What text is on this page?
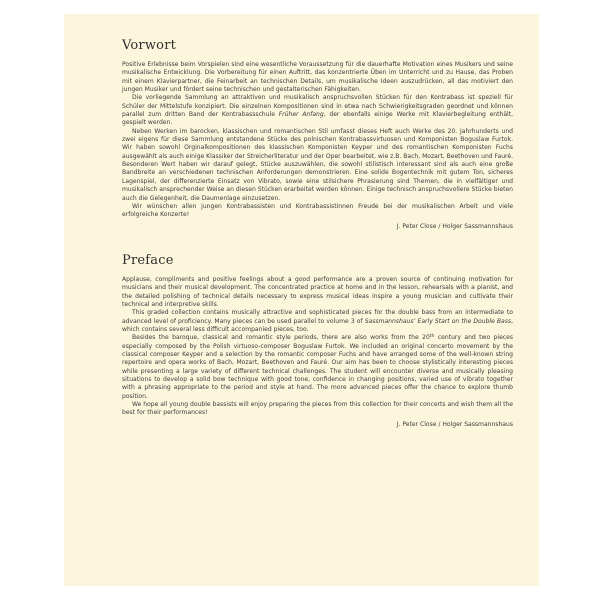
Vorwort

Positive Erlebnisse beim Vorspielen sind eine wesentliche Voraussetzung für die dauerhafte Motivation eines Musikers und seine musikalische Entwicklung. Die Vorbereitung für einen Auftritt, das konzentrierte Üben im Unterricht und zu Hause, das Proben mit einem Klavierpartner, die Feinarbeit an technischen Details, um musikalische Ideen auszudrücken, all das motiviert den jungen Musiker und fördert seine technischen und gestalterischen Fähigkeiten.

Die vorliegende Sammlung an attraktiven und musikalisch anspruchsvollen Stücken für den Kontrabass ist speziell für Schüler der Mittelstufe konzipiert. Die einzelnen Kompositionen sind in etwa nach Schwierigkeitsgraden geordnet und können parallel zum dritten Band der Kontrabassschule Früher Anfang, der ebenfalls einige Werke mit Klavierbegleitung enthält, gespielt werden.

Neben Werken im barocken, klassischen und romantischen Stil umfasst dieses Heft auch Werke des 20. Jahrhunderts und zwei eigens für diese Sammlung entstandene Stücke des polnischen Kontrabassvirtuosen und Komponisten Boguslaw Furtok. Wir haben sowohl Orginalkompositionen des klassischen Komponisten Keyper und des romantischen Komponisten Fuchs ausgewählt als auch einige Klassiker der Streicherliteratur und der Oper bearbeitet, wie z.B. Bach, Mozart, Beethoven und Fauré. Besonderen Wert haben wir darauf gelegt, Stücke auszuwählen, die sowohl stilistisch interessant sind als auch eine große Bandbreite an verschiedenen technischen Anforderungen demonstrieren. Eine solide Bogentechnik mit gutem Ton, sicheres Lagenspiel, der differenzierte Einsatz von Vibrato, sowie eine stilsichere Phrasierung sind Themen, die in vielfältiger und musikalisch ansprechender Weise an diesen Stücken erarbeitet werden können. Einige technisch anspruchsvollere Stücke bieten auch die Gelegenheit, die Daumenlage einzusetzen.

Wir wünschen allen jungen Kontrabassisten und Kontrabassistinnen Freude bei der musikalischen Arbeit und viele erfolgreiche Konzerte!

J. Peter Close / Holger Sassmannshaus

Preface

Applause, compliments and positive feelings about a good performance are a proven source of continuing motivation for musicians and their musical development. The concentrated practice at home and in the lesson, rehearsals with a pianist, and the detailed polishing of technical details necessary to express musical ideas inspire a young musician and cultivate their technical and interpretive skills.

This graded collection contains musically attractive and sophisticated pieces for the double bass from an intermediate to advanced level of proficiency. Many pieces can be used parallel to volume 3 of Sassmannshaus’ Early Start on the Double Bass, which contains several less difficult accompanied pieces, too.

Besides the baroque, classical and romantic style periods, there are also works from the 20th century and two pieces especially composed by the Polish virtuoso-composer Boguslaw Furtok. We included an original concerto movement by the classical composer Keyper and a selection by the romantic composer Fuchs and have arranged some of the well-known string repertoire and opera works of Bach, Mozart, Beethoven and Fauré. Our aim has been to choose stylistically interesting pieces while presenting a large variety of different technical challenges. The student will encounter diverse and musically pleasing situations to develop a solid bow technique with good tone, confidence in changing positions, varied use of vibrato together with a phrasing appropriate to the period and style at hand. The more advanced pieces offer the chance to explore thumb position.

We hope all young double bassists will enjoy preparing the pieces from this collection for their concerts and wish them all the best for their performances!

J. Peter Close / Holger Sassmannshaus
